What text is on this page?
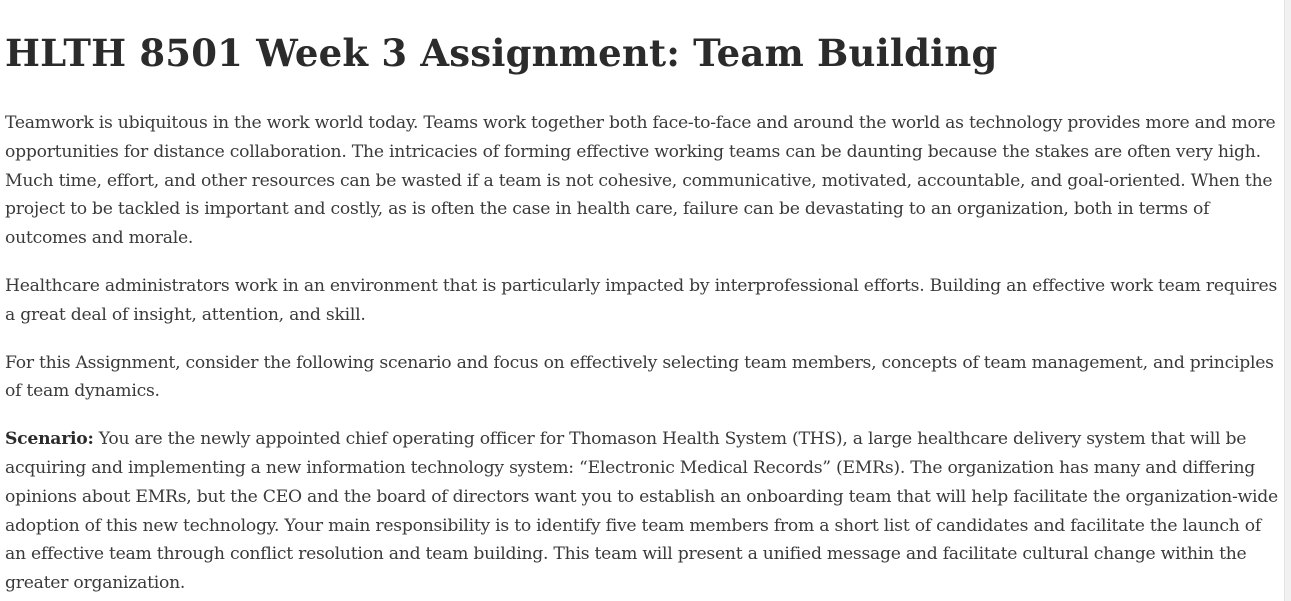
HLTH 8501 Week 3 Assignment: Team Building

Teamwork is ubiquitous in the work world today. Teams work together both face-to-face and around the world as technology provides more and more opportunities for distance collaboration. The intricacies of forming effective working teams can be daunting because the stakes are often very high. Much time, effort, and other resources can be wasted if a team is not cohesive, communicative, motivated, accountable, and goal-oriented. When the project to be tackled is important and costly, as is often the case in health care, failure can be devastating to an organization, both in terms of outcomes and morale.

Healthcare administrators work in an environment that is particularly impacted by interprofessional efforts. Building an effective work team requires a great deal of insight, attention, and skill.

For this Assignment, consider the following scenario and focus on effectively selecting team members, concepts of team management, and principles of team dynamics.

Scenario: You are the newly appointed chief operating officer for Thomason Health System (THS), a large healthcare delivery system that will be acquiring and implementing a new information technology system: “Electronic Medical Records” (EMRs). The organization has many and differing opinions about EMRs, but the CEO and the board of directors want you to establish an onboarding team that will help facilitate the organization-wide adoption of this new technology. Your main responsibility is to identify five team members from a short list of candidates and facilitate the launch of an effective team through conflict resolution and team building. This team will present a unified message and facilitate cultural change within the greater organization.
